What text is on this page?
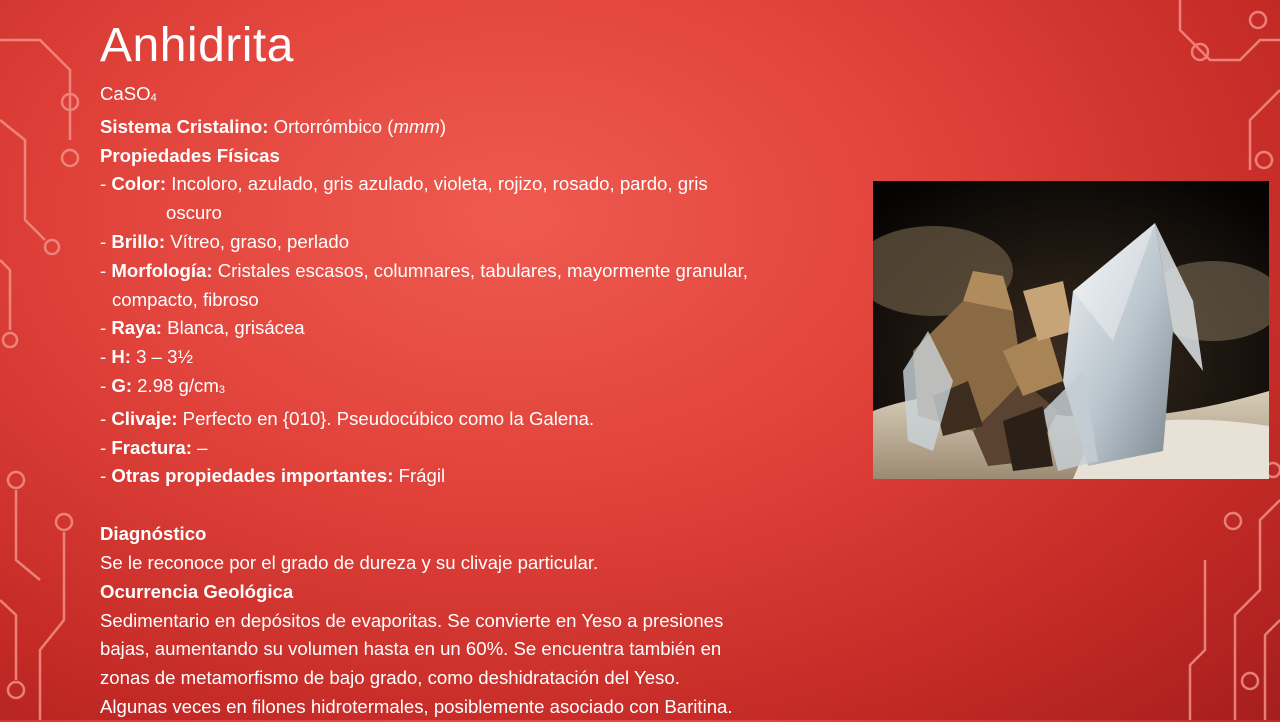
Anhidrita
CaSO4
Sistema Cristalino: Ortorrómbico (mmm)
Propiedades Físicas
- Color: Incoloro, azulado, gris azulado, violeta, rojizo, rosado, pardo, gris
oscuro
- Brillo: Vítreo, graso, perlado
- Morfología: Cristales escasos, columnares, tabulares, mayormente granular,
compacto, fibroso
- Raya: Blanca, grisácea
- H: 3 – 3½
- G: 2.98 g/cm3
- Clivaje: Perfecto en {010}. Pseudocúbico como la Galena.
- Fractura: –
- Otras propiedades importantes: Frágil
Diagnóstico
Se le reconoce por el grado de dureza y su clivaje particular.
Ocurrencia Geológica
Sedimentario en depósitos de evaporitas. Se convierte en Yeso a presiones
bajas, aumentando su volumen hasta en un 60%. Se encuentra también en
zonas de metamorfismo de bajo grado, como deshidratación del Yeso.
Algunas veces en filones hidrotermales, posiblemente asociado con Baritina.
